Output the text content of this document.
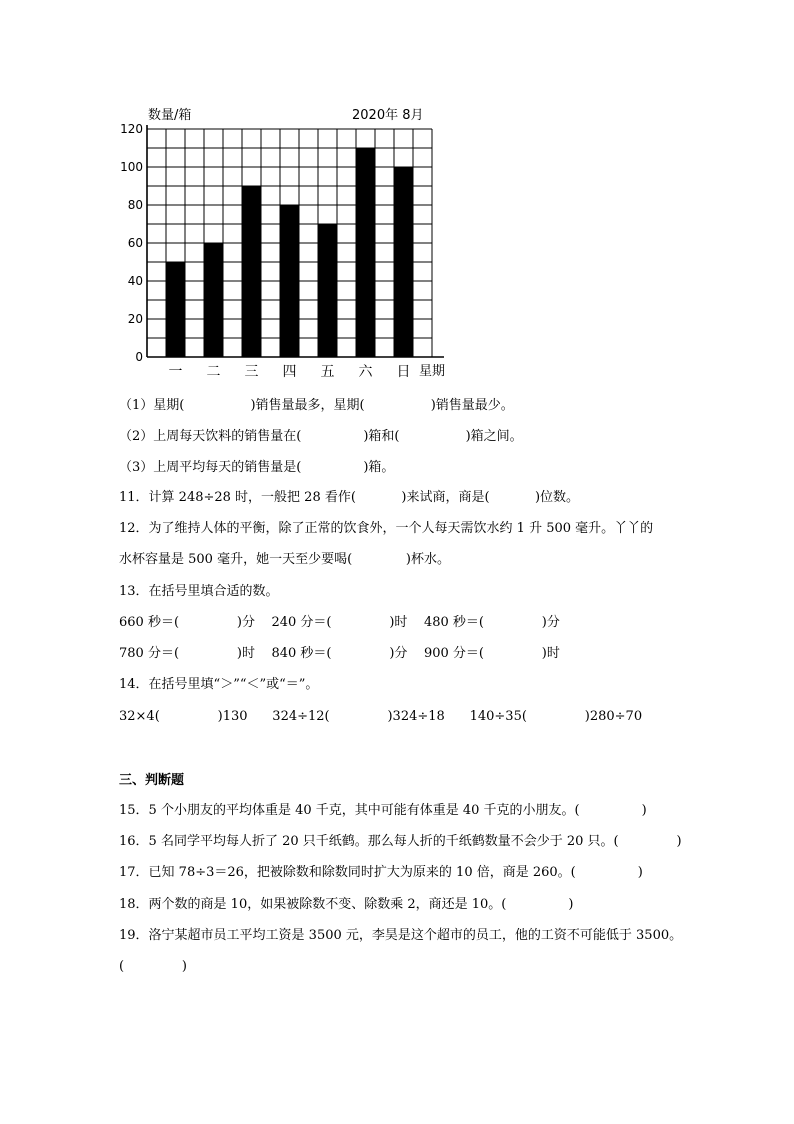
0
20
40
60
80
100
120
一 二 三 四 五 六 日
数量/箱	2020年 8月
星期
（1）星期(                )销售量最多，星期(                )销售量最少。
（2）上周每天饮料的销售量在(               )箱和(                )箱之间。
（3）上周平均每天的销售量是(               )箱。
11．计算 248÷28 时，一般把 28 看作(           )来试商，商是(           )位数。
12．为了维持人体的平衡，除了正常的饮食外，一个人每天需饮水约 1 升 500 毫升。丫丫的
水杯容量是 500 毫升，她一天至少要喝(             )杯水。
13．在括号里填合适的数。
660 秒＝(              )分    240 分＝(              )时    480 秒＝(              )分
780 分＝(              )时    840 秒＝(              )分    900 分＝(              )时
14．在括号里填“＞”“＜”或“＝”。
32×4(              )130      324÷12(              )324÷18      140÷35(              )280÷70
三、判断题
15．5 个小朋友的平均体重是 40 千克，其中可能有体重是 40 千克的小朋友。(               )
16．5 名同学平均每人折了 20 只千纸鹤。那么每人折的千纸鹤数量不会少于 20 只。(              )
17．已知 78÷3＝26，把被除数和除数同时扩大为原来的 10 倍，商是 260。(               )
18．两个数的商是 10，如果被除数不变、除数乘 2，商还是 10。(               )
19．洛宁某超市员工平均工资是 3500 元，李昊是这个超市的员工，他的工资不可能低于 3500。
(              )
